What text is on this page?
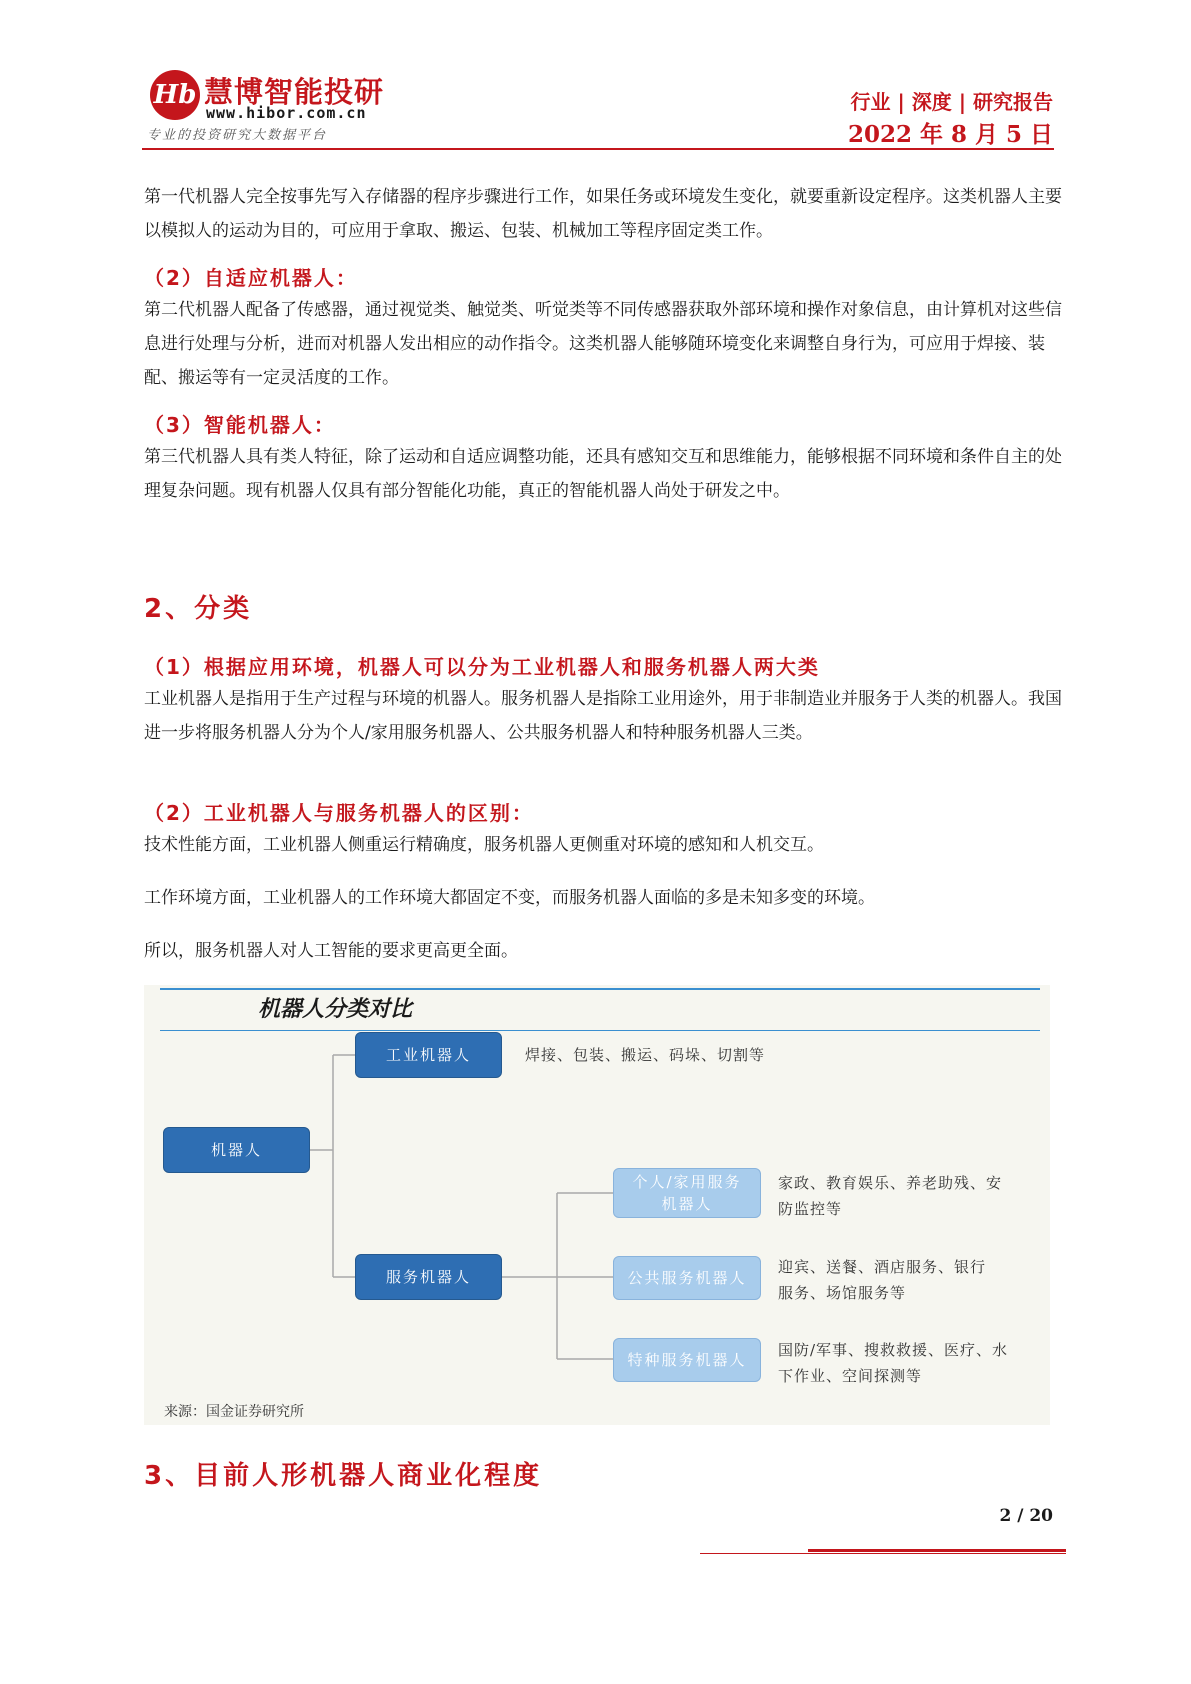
Hb 慧博智能投研
www.hibor.com.cn
专业的投资研究大数据平台
行业 | 深度 | 研究报告
2022 年 8 月 5 日

第一代机器人完全按事先写入存储器的程序步骤进行工作，如果任务或环境发生变化，就要重新设定程序。这类机器人主要以模拟人的运动为目的，可应用于拿取、搬运、包装、机械加工等程序固定类工作。

（2）自适应机器人：

第二代机器人配备了传感器，通过视觉类、触觉类、听觉类等不同传感器获取外部环境和操作对象信息，由计算机对这些信息进行处理与分析，进而对机器人发出相应的动作指令。这类机器人能够随环境变化来调整自身行为，可应用于焊接、装配、搬运等有一定灵活度的工作。

（3）智能机器人：

第三代机器人具有类人特征，除了运动和自适应调整功能，还具有感知交互和思维能力，能够根据不同环境和条件自主的处理复杂问题。现有机器人仅具有部分智能化功能，真正的智能机器人尚处于研发之中。

2、分类
（1）根据应用环境，机器人可以分为工业机器人和服务机器人两大类

工业机器人是指用于生产过程与环境的机器人。服务机器人是指除工业用途外，用于非制造业并服务于人类的机器人。我国进一步将服务机器人分为个人/家用服务机器人、公共服务机器人和特种服务机器人三类。

（2）工业机器人与服务机器人的区别：

技术性能方面，工业机器人侧重运行精确度，服务机器人更侧重对环境的感知和人机交互。

工作环境方面，工业机器人的工作环境大都固定不变，而服务机器人面临的多是未知多变的环境。

所以，服务机器人对人工智能的要求更高更全面。

机器人分类对比
机器人
工业机器人	焊接、包装、搬运、码垛、切割等
服务机器人
个人/家用服务机器人
家政、教育娱乐、养老助残、安防监控等
公共服务机器人
迎宾、送餐、酒店服务、银行服务、场馆服务等
特种服务机器人
国防/军事、搜救救援、医疗、水下作业、空间探测等
来源：国金证券研究所
3、目前人形机器人商业化程度
2 / 20
